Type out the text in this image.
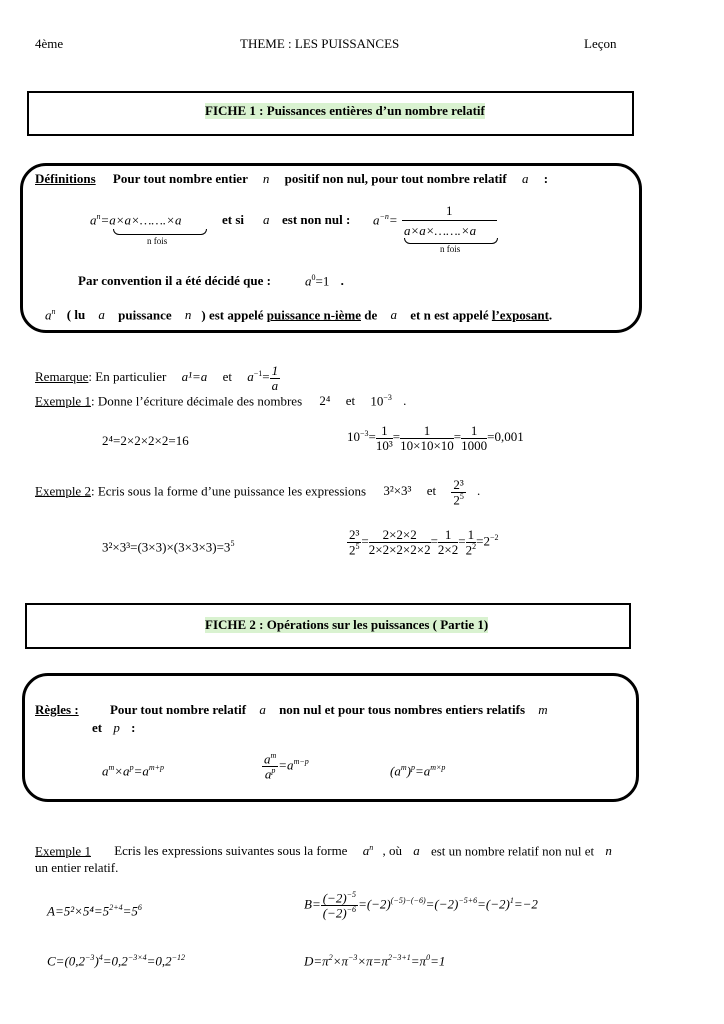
4ème	THEME : LES PUISSANCES	Leçon
FICHE 1 : Puissances entières d’un nombre relatif
Définitions Pour tout nombre entier n positif non nul, pour tout nombre relatif a :
$a^n=a\times a\times\dots\dots.\times a$
n fois
et si a est non nul : $a^{-n}=$
1
a×a×…….×a
n fois
Par convention il a été décidé que :	$a^0=1$ .
$a^n$ ( lu a puissance n ) est appelé puissance n-ième de a et n est appelé l’exposant.
Remarque: En particulier a¹=a et $a^{-1}= \frac{1}{a}$
Exemple 1: Donne l’écriture décimale des nombres 2⁴ et $10^{-3}$ .
2⁴=2×2×2×2=16	$10^{-3}= \frac{1}{\text{10³}} = \frac{1}{10\times 10\times 10} = \frac{1}{1000} =0,001$
Exemple 2: Ecris sous la forme d’une puissance les expressions 3²×3³ et $\frac{\text{2³}}{2^5}$ .
$3^2\times 3^3=(3\times 3)\times(3\times 3\times 3)=3^5$	$\frac{\text{2³}}{2^5} = \frac{2\times 2\times 2}{2\times 2\times 2\times 2\times 2} = \frac{1}{2\times 2} = \frac{1}{2^2} =2^{-2}$
FICHE 2 : Opérations sur les puissances ( Partie 1)
Règles : Pour tout nombre relatif a non nul et pour tous nombres entiers relatifs m
et p :
$a^m\times a^p=a^{m+p}$	$\frac{a^m}{a^p} =a^{m-p}$
$(a^m)^p=a^{m\times p}$
Exemple 1 Ecris les expressions suivantes sous la forme $a^n$ , où a est un nombre relatif non nul et n
un entier relatif.
$A=5^2\times 5^4=5^{2+4}=5^6$	$B= \frac{(-2)^{-5}}{(-2)^{-6}} =(-2)^{(-5)-(-6)}=(-2)^{-5+6}=(-2)^1=-2$
$C=(0,2^{-3})^4=0,2^{-3\times 4}=0,2^{-12}$	$D=\pi^2\times\pi^{-3}\times\pi=\pi^{2-3+1}=\pi^0=1$
